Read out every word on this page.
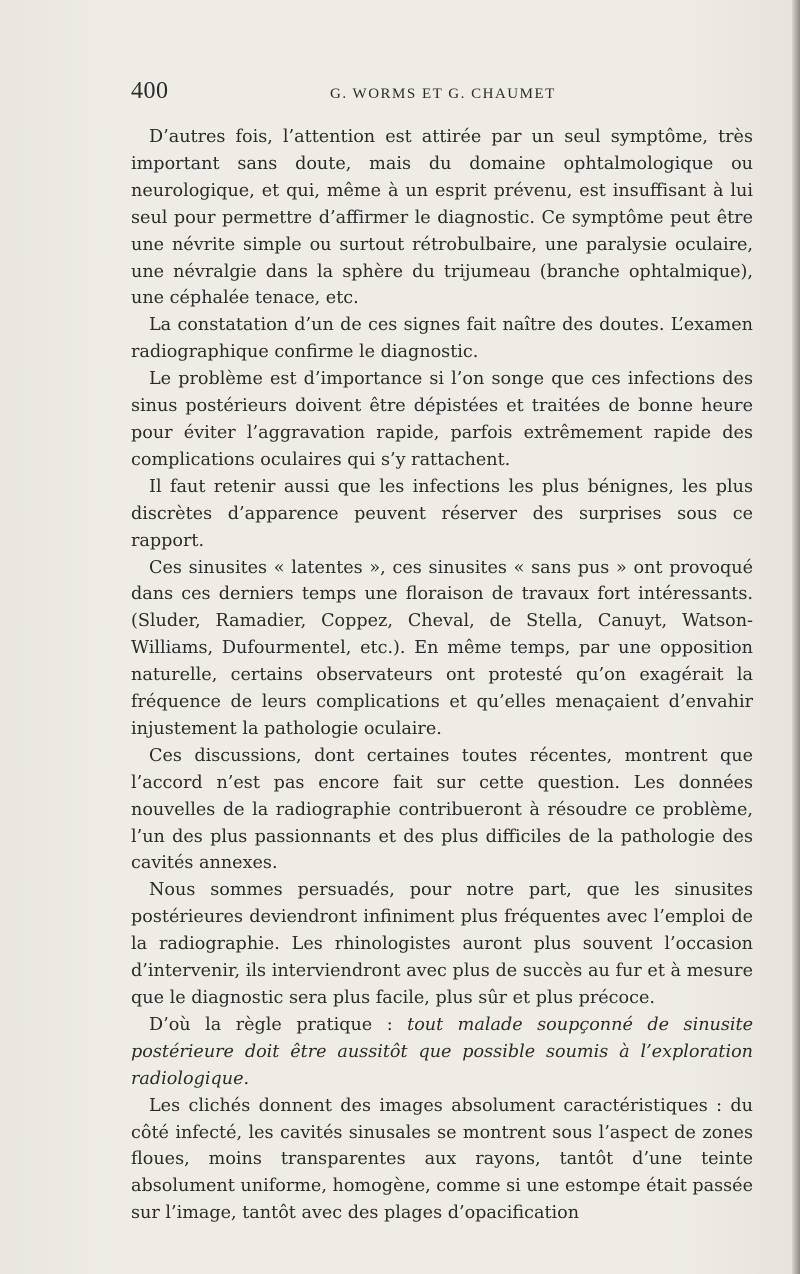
400	G. WORMS ET G. CHAUMET

D’autres fois, l’attention est attirée par un seul symptôme, très important sans doute, mais du domaine ophtalmologique ou neurologique, et qui, même à un esprit prévenu, est insuffisant à lui seul pour permettre d’affirmer le diagnostic. Ce symptôme peut être une névrite simple ou surtout rétrobulbaire, une paralysie oculaire, une névralgie dans la sphère du trijumeau (branche ophtalmique), une céphalée tenace, etc.

La constatation d’un de ces signes fait naître des doutes. L’examen radiographique confirme le diagnostic.

Le problème est d’importance si l’on songe que ces infections des sinus postérieurs doivent être dépistées et traitées de bonne heure pour éviter l’aggravation rapide, parfois extrêmement rapide des complications oculaires qui s’y rattachent.

Il faut retenir aussi que les infections les plus bénignes, les plus discrètes d’apparence peuvent réserver des surprises sous ce rapport.

Ces sinusites « latentes », ces sinusites « sans pus » ont provoqué dans ces derniers temps une floraison de travaux fort intéressants. (Sluder, Ramadier, Coppez, Cheval, de Stella, Canuyt, Watson-Williams, Dufourmentel, etc.). En même temps, par une opposition naturelle, certains observateurs ont protesté qu’on exagérait la fréquence de leurs complications et qu’elles menaçaient d’envahir injustement la pathologie oculaire.

Ces discussions, dont certaines toutes récentes, montrent que l’accord n’est pas encore fait sur cette question. Les données nouvelles de la radiographie contribueront à résoudre ce problème, l’un des plus passionnants et des plus difficiles de la pathologie des cavités annexes.

Nous sommes persuadés, pour notre part, que les sinusites postérieures deviendront infiniment plus fréquentes avec l’emploi de la radiographie. Les rhinologistes auront plus souvent l’occasion d’intervenir, ils interviendront avec plus de succès au fur et à mesure que le diagnostic sera plus facile, plus sûr et plus précoce.

D’où la règle pratique : tout malade soupçonné de sinusite postérieure doit être aussitôt que possible soumis à l’exploration radiologique.

Les clichés donnent des images absolument caractéristiques : du côté infecté, les cavités sinusales se montrent sous l’aspect de zones floues, moins transparentes aux rayons, tantôt d’une teinte absolument uniforme, homogène, comme si une estompe était passée sur l’image, tantôt avec des plages d’opacification
